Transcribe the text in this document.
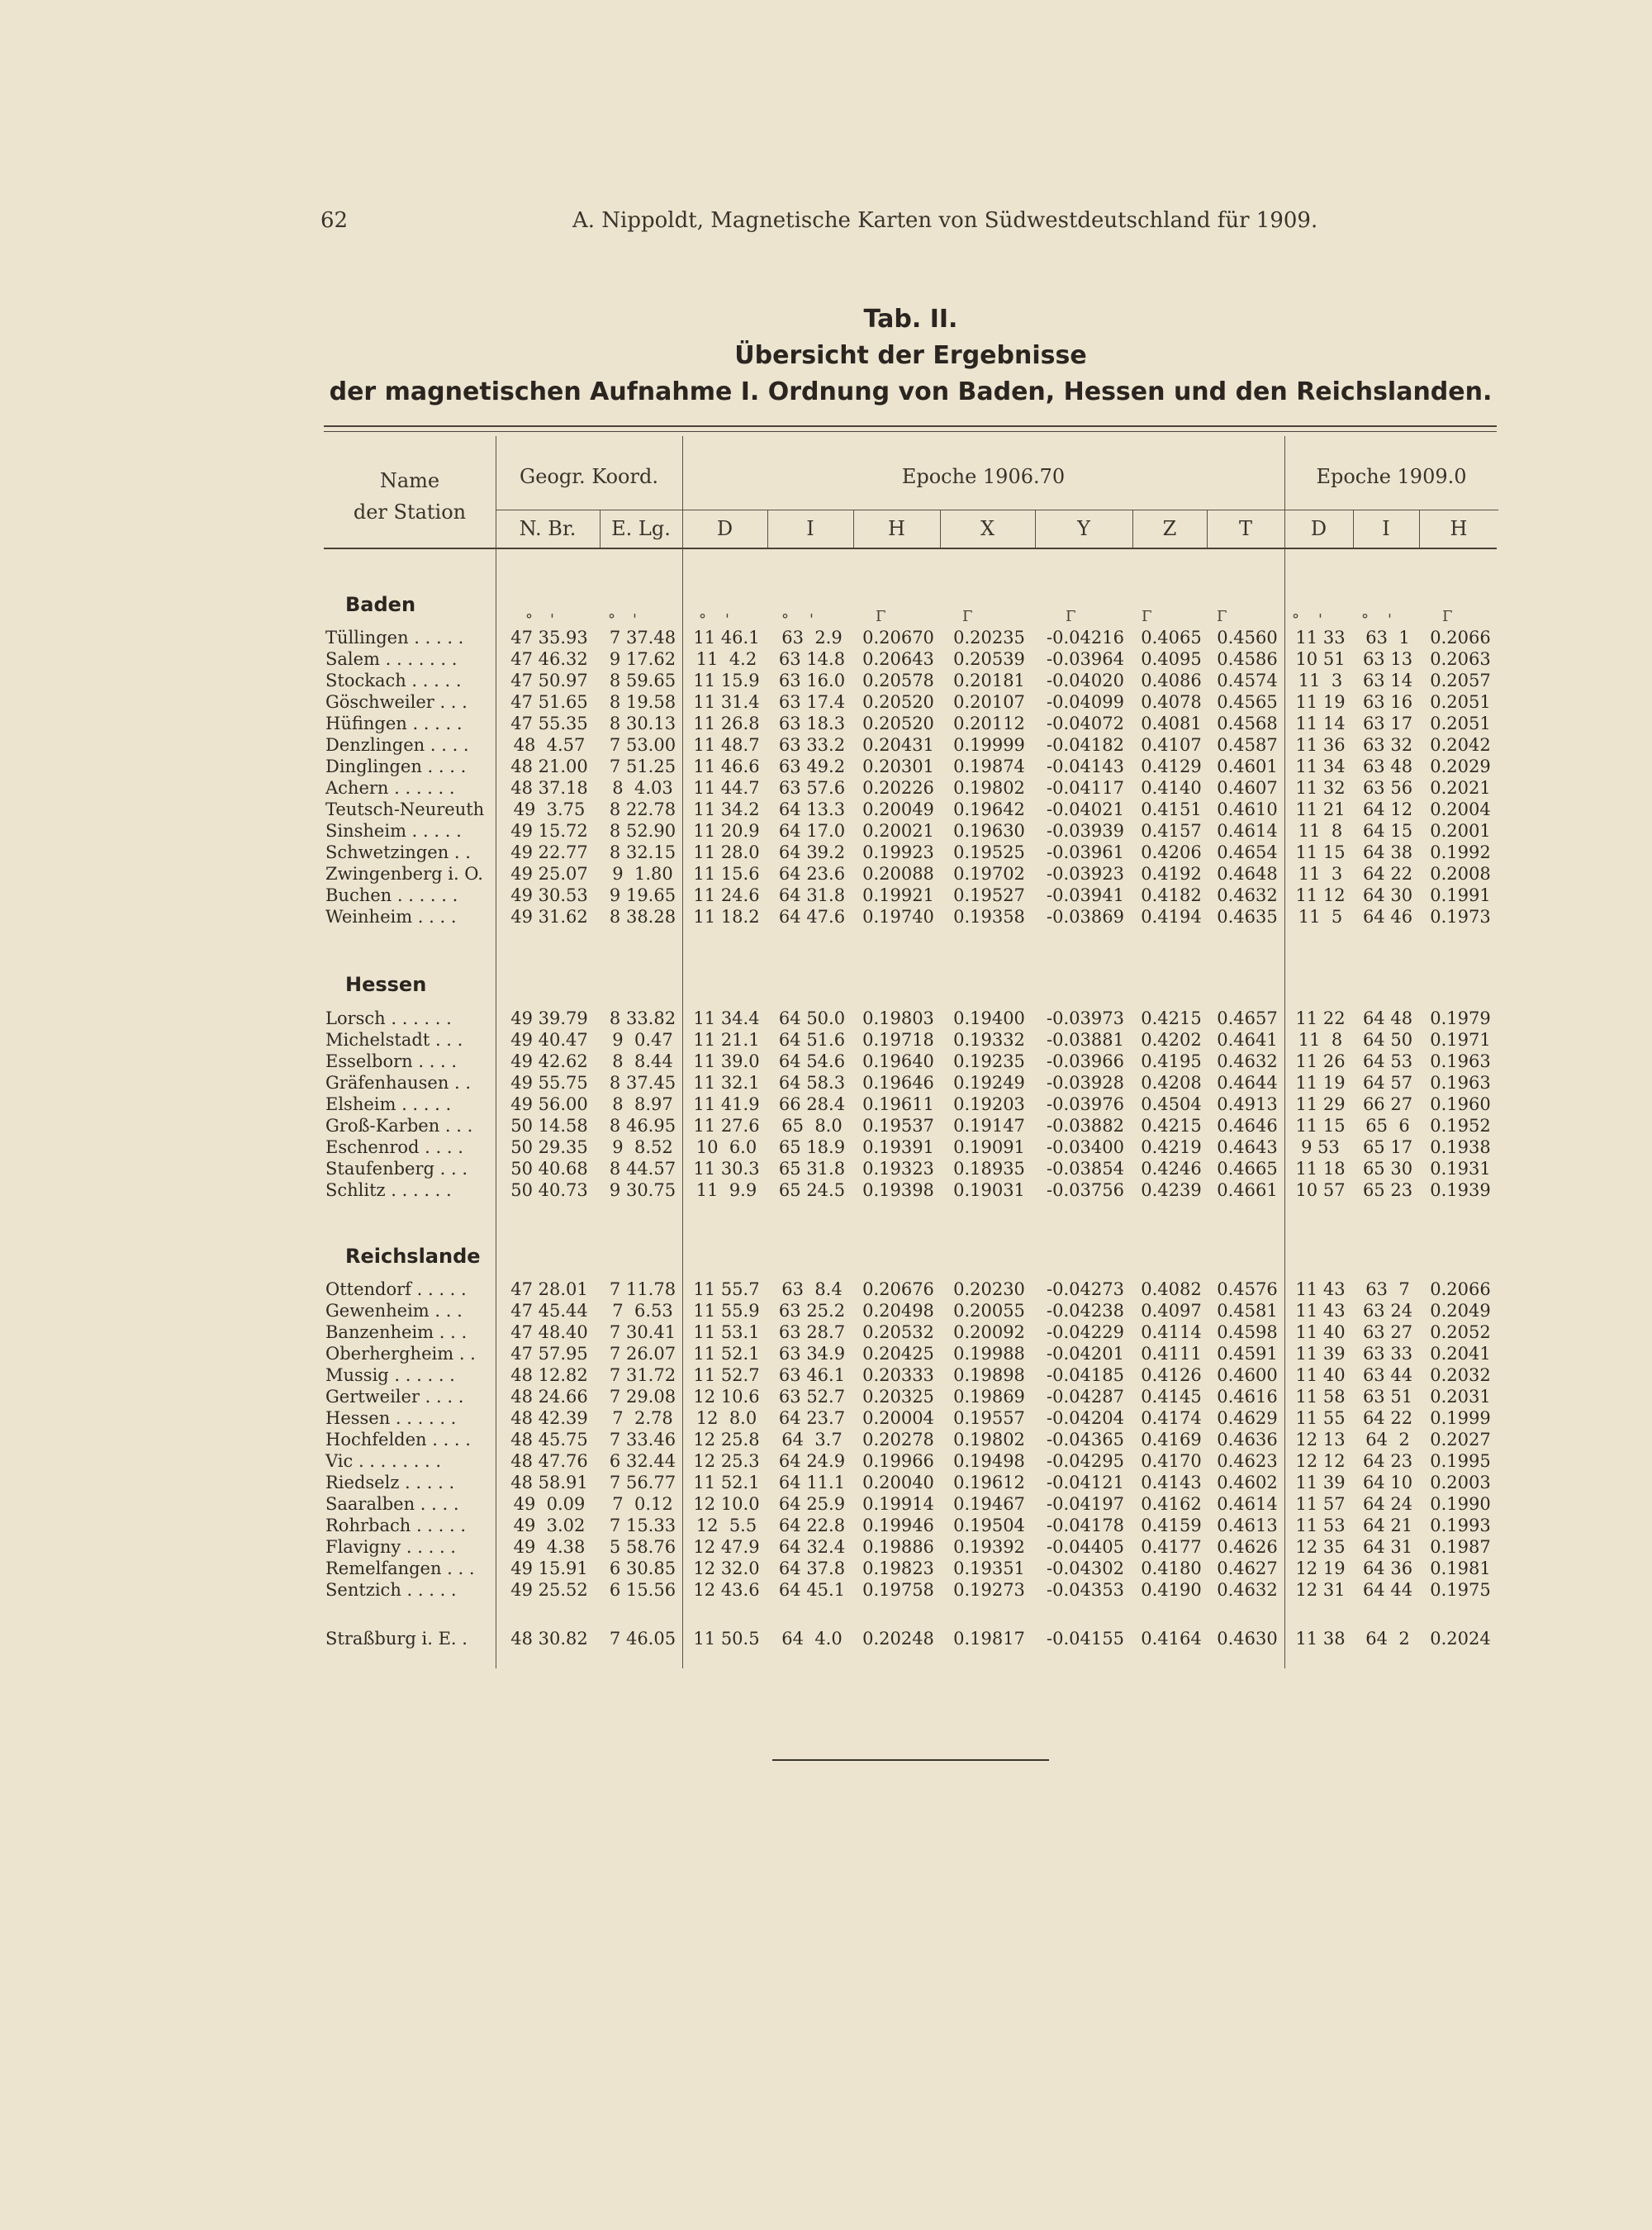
62	A. Nippoldt, Magnetische Karten von Südwestdeutschland für 1909.
Tab. II.
Übersicht der Ergebnisse
der magnetischen Aufnahme I. Ordnung von Baden, Hessen und den Reichslanden.
Name
der Station
Geogr. Koord.	Epoche 1906.70	Epoche 1909.0
N. Br.	E. Lg.	D	I	H	X	Y	Z	T	D	I	H
° '	° '	° '	° '	Γ	Γ	Γ	Γ	Γ	° '	° '	Γ
Baden
Hessen
Reichslande
Tüllingen . . . . .	47 35.93	7 37.48	11 46.1	63  2.9	0.20670	0.20235	-0.04216	0.4065	0.4560	11 33	63  1	0.2066
Salem . . . . . . .	47 46.32	9 17.62	11  4.2	63 14.8	0.20643	0.20539	-0.03964	0.4095	0.4586	10 51	63 13	0.2063
Stockach . . . . .	47 50.97	8 59.65	11 15.9	63 16.0	0.20578	0.20181	-0.04020	0.4086	0.4574	11  3	63 14	0.2057
Göschweiler . . .	47 51.65	8 19.58	11 31.4	63 17.4	0.20520	0.20107	-0.04099	0.4078	0.4565	11 19	63 16	0.2051
Hüfingen . . . . .	47 55.35	8 30.13	11 26.8	63 18.3	0.20520	0.20112	-0.04072	0.4081	0.4568	11 14	63 17	0.2051
Denzlingen . . . .	48  4.57	7 53.00	11 48.7	63 33.2	0.20431	0.19999	-0.04182	0.4107	0.4587	11 36	63 32	0.2042
Dinglingen . . . .	48 21.00	7 51.25	11 46.6	63 49.2	0.20301	0.19874	-0.04143	0.4129	0.4601	11 34	63 48	0.2029
Achern . . . . . .	48 37.18	8  4.03	11 44.7	63 57.6	0.20226	0.19802	-0.04117	0.4140	0.4607	11 32	63 56	0.2021
Teutsch-Neureuth	49  3.75	8 22.78	11 34.2	64 13.3	0.20049	0.19642	-0.04021	0.4151	0.4610	11 21	64 12	0.2004
Sinsheim . . . . .	49 15.72	8 52.90	11 20.9	64 17.0	0.20021	0.19630	-0.03939	0.4157	0.4614	11  8	64 15	0.2001
Schwetzingen . .	49 22.77	8 32.15	11 28.0	64 39.2	0.19923	0.19525	-0.03961	0.4206	0.4654	11 15	64 38	0.1992
Zwingenberg i. O.	49 25.07	9  1.80	11 15.6	64 23.6	0.20088	0.19702	-0.03923	0.4192	0.4648	11  3	64 22	0.2008
Buchen . . . . . .	49 30.53	9 19.65	11 24.6	64 31.8	0.19921	0.19527	-0.03941	0.4182	0.4632	11 12	64 30	0.1991
Weinheim . . . .	49 31.62	8 38.28	11 18.2	64 47.6	0.19740	0.19358	-0.03869	0.4194	0.4635	11  5	64 46	0.1973
Lorsch . . . . . .	49 39.79	8 33.82	11 34.4	64 50.0	0.19803	0.19400	-0.03973	0.4215	0.4657	11 22	64 48	0.1979
Michelstadt . . .	49 40.47	9  0.47	11 21.1	64 51.6	0.19718	0.19332	-0.03881	0.4202	0.4641	11  8	64 50	0.1971
Esselborn . . . .	49 42.62	8  8.44	11 39.0	64 54.6	0.19640	0.19235	-0.03966	0.4195	0.4632	11 26	64 53	0.1963
Gräfenhausen . .	49 55.75	8 37.45	11 32.1	64 58.3	0.19646	0.19249	-0.03928	0.4208	0.4644	11 19	64 57	0.1963
Elsheim . . . . .	49 56.00	8  8.97	11 41.9	66 28.4	0.19611	0.19203	-0.03976	0.4504	0.4913	11 29	66 27	0.1960
Groß-Karben . . .	50 14.58	8 46.95	11 27.6	65  8.0	0.19537	0.19147	-0.03882	0.4215	0.4646	11 15	65  6	0.1952
Eschenrod . . . .	50 29.35	9  8.52	10  6.0	65 18.9	0.19391	0.19091	-0.03400	0.4219	0.4643	9 53	65 17	0.1938
Staufenberg . . .	50 40.68	8 44.57	11 30.3	65 31.8	0.19323	0.18935	-0.03854	0.4246	0.4665	11 18	65 30	0.1931
Schlitz . . . . . .	50 40.73	9 30.75	11  9.9	65 24.5	0.19398	0.19031	-0.03756	0.4239	0.4661	10 57	65 23	0.1939
Ottendorf . . . . .	47 28.01	7 11.78	11 55.7	63  8.4	0.20676	0.20230	-0.04273	0.4082	0.4576	11 43	63  7	0.2066
Gewenheim . . .	47 45.44	7  6.53	11 55.9	63 25.2	0.20498	0.20055	-0.04238	0.4097	0.4581	11 43	63 24	0.2049
Banzenheim . . .	47 48.40	7 30.41	11 53.1	63 28.7	0.20532	0.20092	-0.04229	0.4114	0.4598	11 40	63 27	0.2052
Oberhergheim . .	47 57.95	7 26.07	11 52.1	63 34.9	0.20425	0.19988	-0.04201	0.4111	0.4591	11 39	63 33	0.2041
Mussig . . . . . .	48 12.82	7 31.72	11 52.7	63 46.1	0.20333	0.19898	-0.04185	0.4126	0.4600	11 40	63 44	0.2032
Gertweiler . . . .	48 24.66	7 29.08	12 10.6	63 52.7	0.20325	0.19869	-0.04287	0.4145	0.4616	11 58	63 51	0.2031
Hessen . . . . . .	48 42.39	7  2.78	12  8.0	64 23.7	0.20004	0.19557	-0.04204	0.4174	0.4629	11 55	64 22	0.1999
Hochfelden . . . .	48 45.75	7 33.46	12 25.8	64  3.7	0.20278	0.19802	-0.04365	0.4169	0.4636	12 13	64  2	0.2027
Vic . . . . . . . .	48 47.76	6 32.44	12 25.3	64 24.9	0.19966	0.19498	-0.04295	0.4170	0.4623	12 12	64 23	0.1995
Riedselz . . . . .	48 58.91	7 56.77	11 52.1	64 11.1	0.20040	0.19612	-0.04121	0.4143	0.4602	11 39	64 10	0.2003
Saaralben . . . .	49  0.09	7  0.12	12 10.0	64 25.9	0.19914	0.19467	-0.04197	0.4162	0.4614	11 57	64 24	0.1990
Rohrbach . . . . .	49  3.02	7 15.33	12  5.5	64 22.8	0.19946	0.19504	-0.04178	0.4159	0.4613	11 53	64 21	0.1993
Flavigny . . . . .	49  4.38	5 58.76	12 47.9	64 32.4	0.19886	0.19392	-0.04405	0.4177	0.4626	12 35	64 31	0.1987
Remelfangen . . .	49 15.91	6 30.85	12 32.0	64 37.8	0.19823	0.19351	-0.04302	0.4180	0.4627	12 19	64 36	0.1981
Sentzich . . . . .	49 25.52	6 15.56	12 43.6	64 45.1	0.19758	0.19273	-0.04353	0.4190	0.4632	12 31	64 44	0.1975
Straßburg i. E. .	48 30.82	7 46.05	11 50.5	64  4.0	0.20248	0.19817	-0.04155	0.4164	0.4630	11 38	64  2	0.2024
